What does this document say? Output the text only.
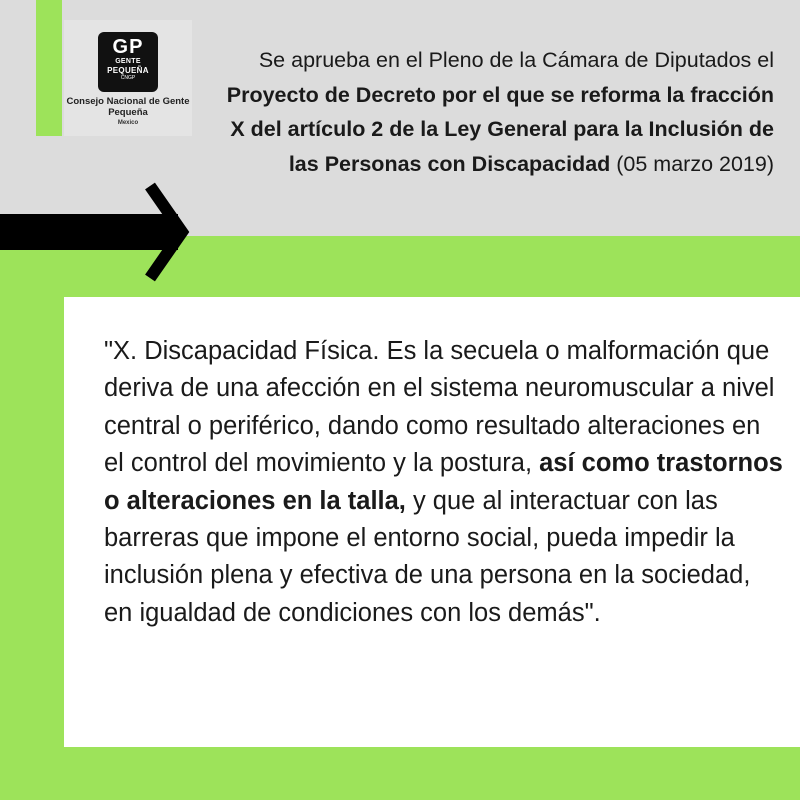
GP
GENTE
PEQUEÑA
CNGP
Consejo Nacional de Gente Pequeña
Mexico
Se aprueba en el Pleno de la Cámara de Diputados el Proyecto de Decreto por el que se reforma la fracción X del artículo 2 de la Ley General para la Inclusión de las Personas con Discapacidad (05 marzo 2019)
"X. Discapacidad Física. Es la secuela o malformación que deriva de una afección en el sistema neuromuscular a nivel central o periférico, dando como resultado alteraciones en el control del movimiento y la postura, así como trastornos o alteraciones en la talla, y que al interactuar con las barreras que impone el entorno social, pueda impedir la inclusión plena y efectiva de una persona en la sociedad, en igualdad de condiciones con los demás".
